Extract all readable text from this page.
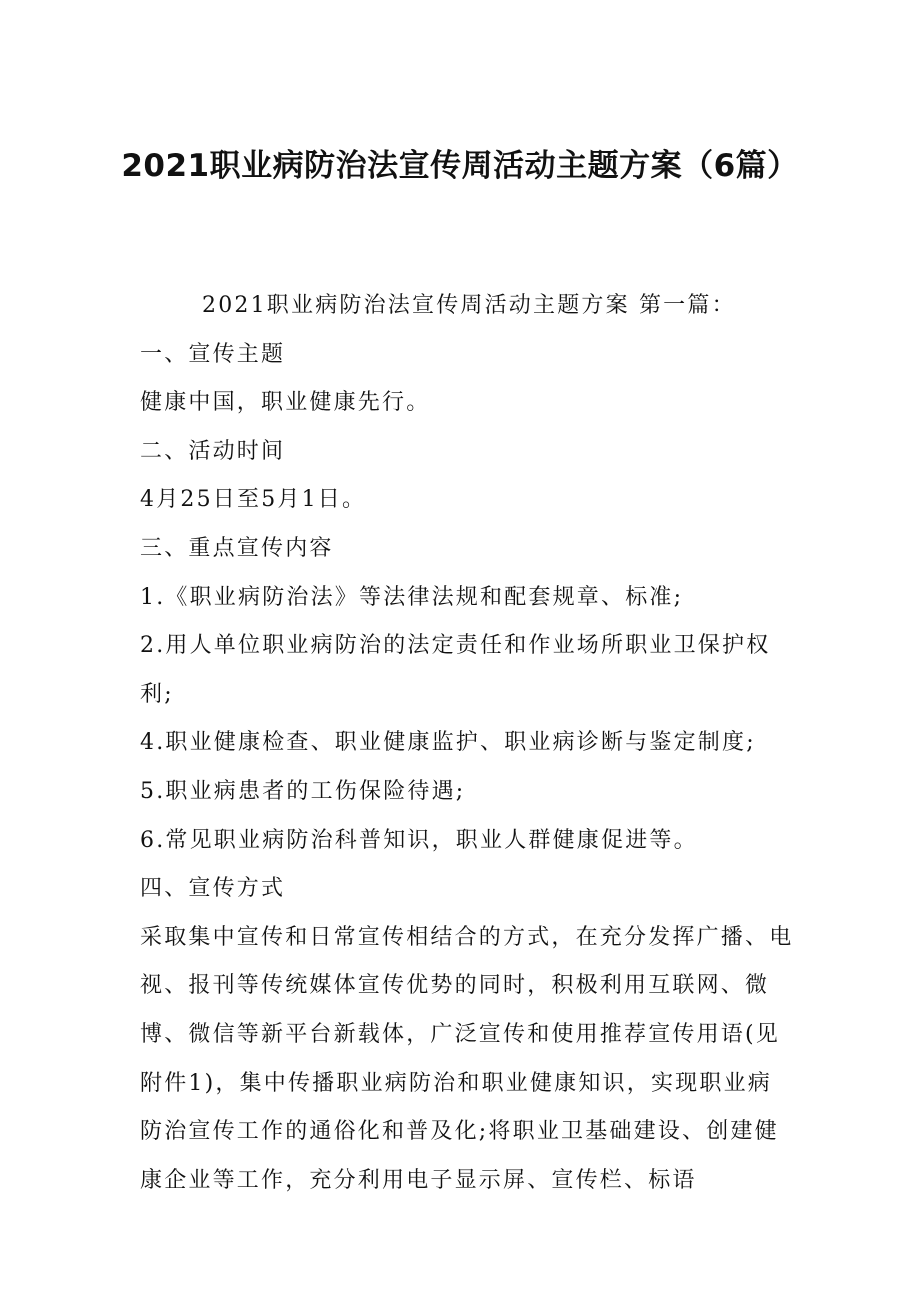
2021职业病防治法宣传周活动主题方案（6篇）

2021职业病防治法宣传周活动主题方案 第一篇：

一、宣传主题

健康中国，职业健康先行。

二、活动时间

4月25日至5月1日。

三、重点宣传内容

1.《职业病防治法》等法律法规和配套规章、标准;

2.用人单位职业病防治的法定责任和作业场所职业卫保护权利;

4.职业健康检查、职业健康监护、职业病诊断与鉴定制度;

5.职业病患者的工伤保险待遇;

6.常见职业病防治科普知识，职业人群健康促进等。

四、宣传方式

采取集中宣传和日常宣传相结合的方式，在充分发挥广播、电视、报刊等传统媒体宣传优势的同时，积极利用互联网、微博、微信等新平台新载体，广泛宣传和使用推荐宣传用语(见附件1)，集中传播职业病防治和职业健康知识，实现职业病防治宣传工作的通俗化和普及化;将职业卫基础建设、创建健康企业等工作，充分利用电子显示屏、宣传栏、标语
